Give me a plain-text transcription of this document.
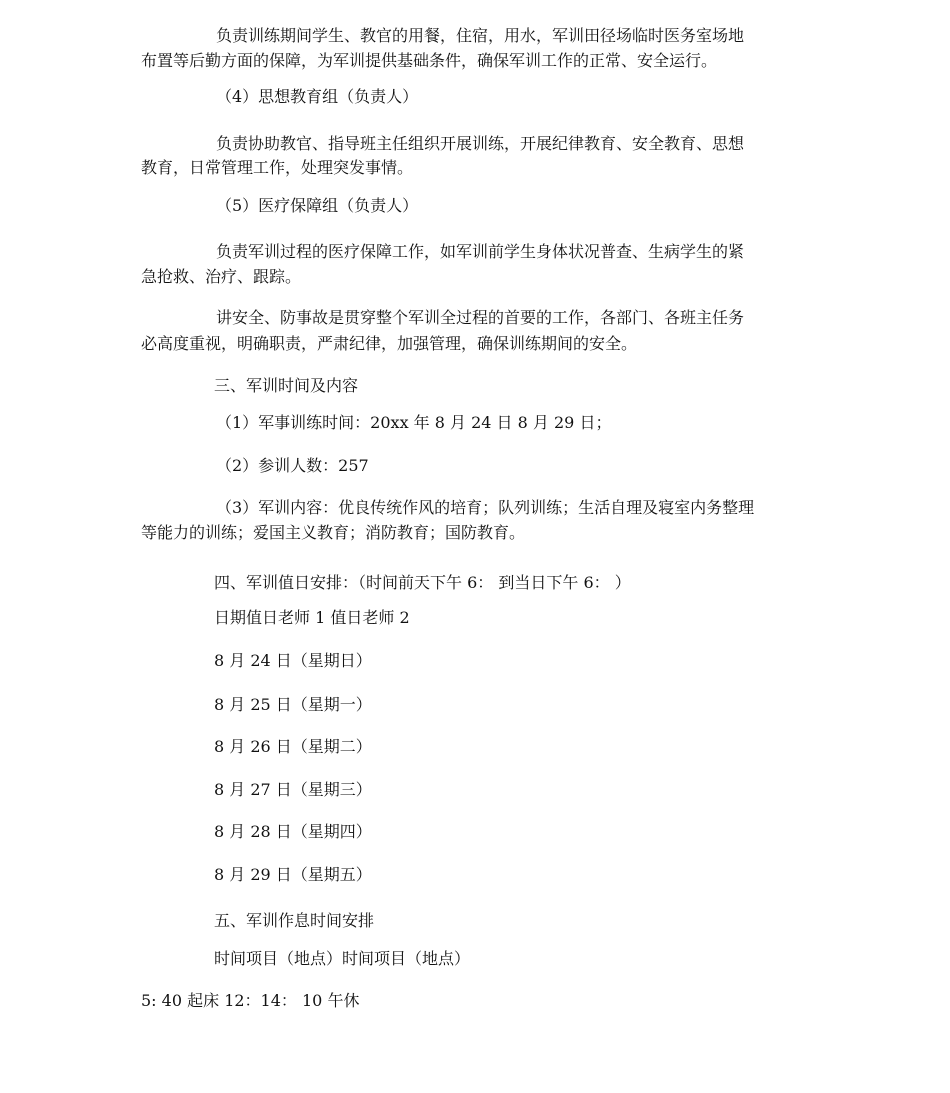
负责训练期间学生、教官的用餐，住宿，用水，军训田径场临时医务室场地
布置等后勤方面的保障，为军训提供基础条件，确保军训工作的正常、安全运行。
（4）思想教育组（负责人）
负责协助教官、指导班主任组织开展训练，开展纪律教育、安全教育、思想
教育，日常管理工作，处理突发事情。
（5）医疗保障组（负责人）
负责军训过程的医疗保障工作，如军训前学生身体状况普查、生病学生的紧
急抢救、治疗、跟踪。
讲安全、防事故是贯穿整个军训全过程的首要的工作，各部门、各班主任务
必高度重视，明确职责，严肃纪律，加强管理，确保训练期间的安全。
三、军训时间及内容
（1）军事训练时间：20xx 年 8 月 24 日 8 月 29 日；
（2）参训人数：257
（3）军训内容：优良传统作风的培育；队列训练；生活自理及寝室内务整理
等能力的训练；爱国主义教育；消防教育；国防教育。
四、军训值日安排：（时间前天下午 6： 到当日下午 6： ）
日期值日老师 1 值日老师 2
8 月 24 日（星期日）
8 月 25 日（星期一）
8 月 26 日（星期二）
8 月 27 日（星期三）
8 月 28 日（星期四）
8 月 29 日（星期五）
五、军训作息时间安排
时间项目（地点）时间项目（地点）
5: 40 起床 12：14： 10 午休
